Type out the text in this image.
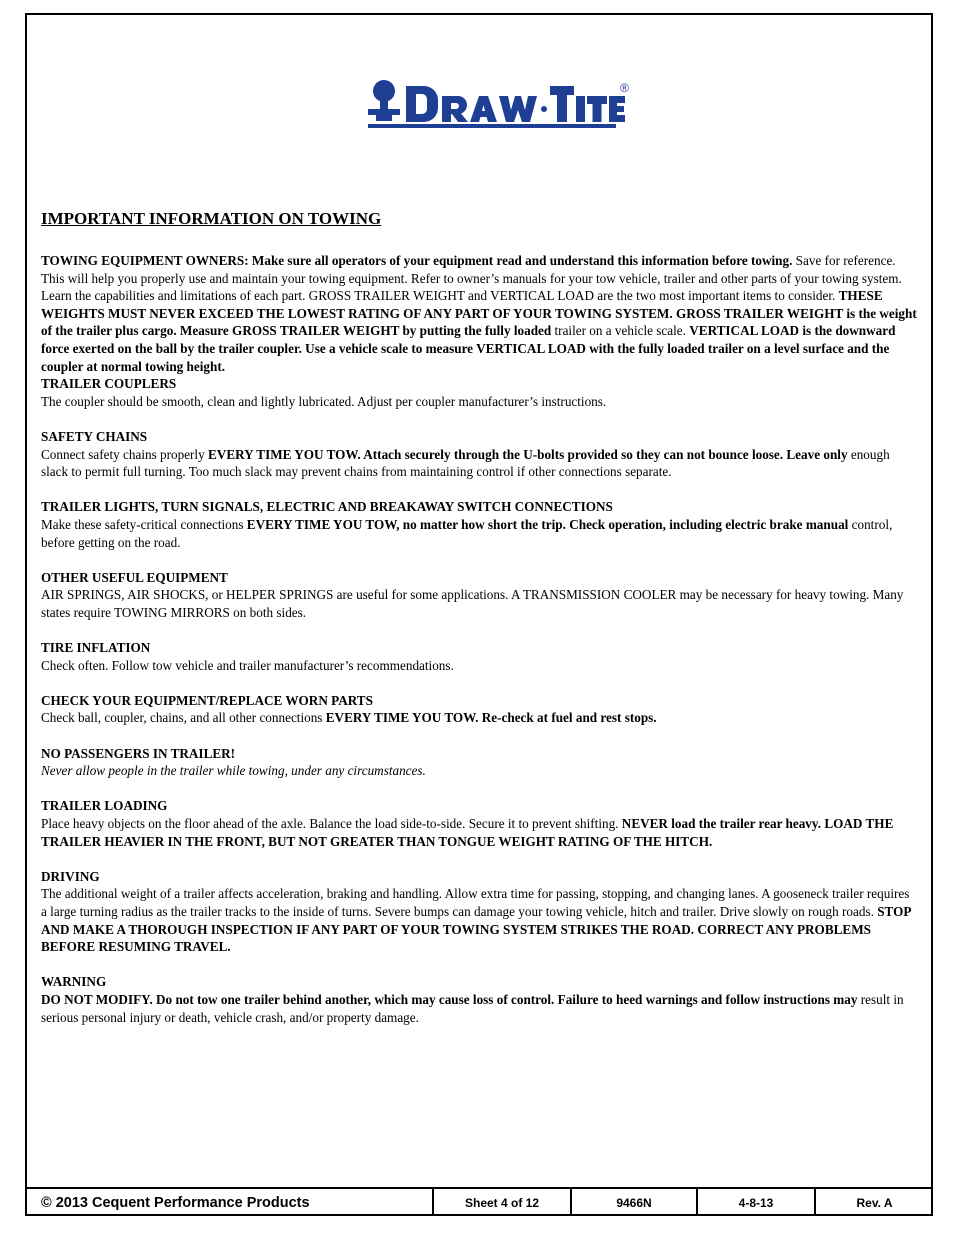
®
IMPORTANT INFORMATION ON TOWING

TOWING EQUIPMENT OWNERS: Make sure all operators of your equipment read and understand this information before towing. Save for reference. This will help you properly use and maintain your towing equipment. Refer to owner’s manuals for your tow vehicle, trailer and other parts of your towing system. Learn the capabilities and limitations of each part. GROSS TRAILER WEIGHT and VERTICAL LOAD are the two most important items to consider. THESE WEIGHTS MUST NEVER EXCEED THE LOWEST RATING OF ANY PART OF YOUR TOWING SYSTEM. GROSS TRAILER WEIGHT is the weight of the trailer plus cargo. Measure GROSS TRAILER WEIGHT by putting the fully loaded trailer on a vehicle scale. VERTICAL LOAD is the downward force exerted on the ball by the trailer coupler. Use a vehicle scale to measure VERTICAL LOAD with the fully loaded trailer on a level surface and the coupler at normal towing height.

TRAILER COUPLERS

The coupler should be smooth, clean and lightly lubricated. Adjust per coupler manufacturer’s instructions.

SAFETY CHAINS

Connect safety chains properly EVERY TIME YOU TOW. Attach securely through the U-bolts provided so they can not bounce loose. Leave only enough slack to permit full turning. Too much slack may prevent chains from maintaining control if other connections separate.

TRAILER LIGHTS, TURN SIGNALS, ELECTRIC AND BREAKAWAY SWITCH CONNECTIONS

Make these safety-critical connections EVERY TIME YOU TOW, no matter how short the trip. Check operation, including electric brake manual control, before getting on the road.

OTHER USEFUL EQUIPMENT

AIR SPRINGS, AIR SHOCKS, or HELPER SPRINGS are useful for some applications. A TRANSMISSION COOLER may be necessary for heavy towing. Many states require TOWING MIRRORS on both sides.

TIRE INFLATION

Check often. Follow tow vehicle and trailer manufacturer’s recommendations.

CHECK YOUR EQUIPMENT/REPLACE WORN PARTS

Check ball, coupler, chains, and all other connections EVERY TIME YOU TOW. Re-check at fuel and rest stops.

NO PASSENGERS IN TRAILER!

Never allow people in the trailer while towing, under any circumstances.

TRAILER LOADING

Place heavy objects on the floor ahead of the axle. Balance the load side-to-side. Secure it to prevent shifting. NEVER load the trailer rear heavy. LOAD THE TRAILER HEAVIER IN THE FRONT, BUT NOT GREATER THAN TONGUE WEIGHT RATING OF THE HITCH.

DRIVING

The additional weight of a trailer affects acceleration, braking and handling. Allow extra time for passing, stopping, and changing lanes. A gooseneck trailer requires a large turning radius as the trailer tracks to the inside of turns. Severe bumps can damage your towing vehicle, hitch and trailer. Drive slowly on rough roads. STOP AND MAKE A THOROUGH INSPECTION IF ANY PART OF YOUR TOWING SYSTEM STRIKES THE ROAD. CORRECT ANY PROBLEMS BEFORE RESUMING TRAVEL.

WARNING

DO NOT MODIFY. Do not tow one trailer behind another, which may cause loss of control. Failure to heed warnings and follow instructions may result in serious personal injury or death, vehicle crash, and/or property damage.

© 2013 Cequent Performance Products	Sheet 4 of 12	9466N	4-8-13	Rev. A
